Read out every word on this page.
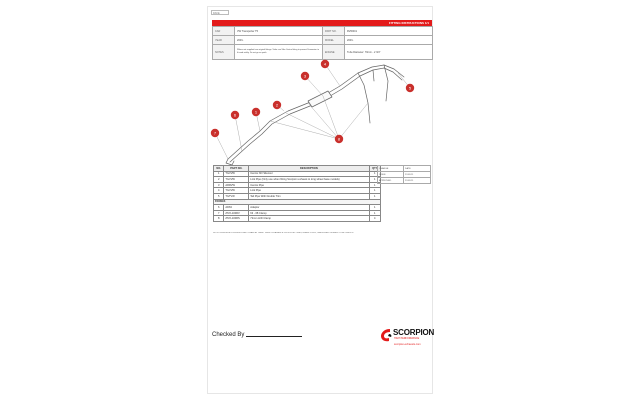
DAVE
FITTING INSTRUCTIONS 1/1
CAR	VW Transporter T5	PART NO.	RVW001
YEAR	2003-	MODEL	2003-
NOTES	Where not supplied use original fittings. Tailor use Slim Centre fitting to prevent Dimension to fit road safely. Do not go as quick.	ENGINE	Tube Diameter: 70mm - 2 3/4"
1
2
3
4
5
6
7
8
NO.	PART NO.	DESCRIPTION	QTY
1	TGVVW	Centre NO Silencer	1
2	TGVVW	Link Pipe (Only use when fitting Scorpion exhaust to long wheel base models)	1
3	ARRVW	Centre Pipe	1
4	TGVVW	Link Pipe	1
5	TGTVW	Tail Pipe With Double Trim	1
FIXINGS			
6	AD63	Adaptor	1
7	ZSYL100RV	63 - 68 Clamp	1
8	ZSYL100RS	72mm H/D Clamp	4
NOTE: ENSURE ALL BURNING PARTS HAVE AT LEAST 30MM CLEARANCE FROM FUEL LINES, BRAKE PIPES, CABLES AND RUBBER COMPONENTS.
CHANGE	DATE
ISSUE	23.09.11
APPROVED	23.09.11
Checked By	SCORPION
HIGH PERFORMANCE
scorpion-exhausts.com
